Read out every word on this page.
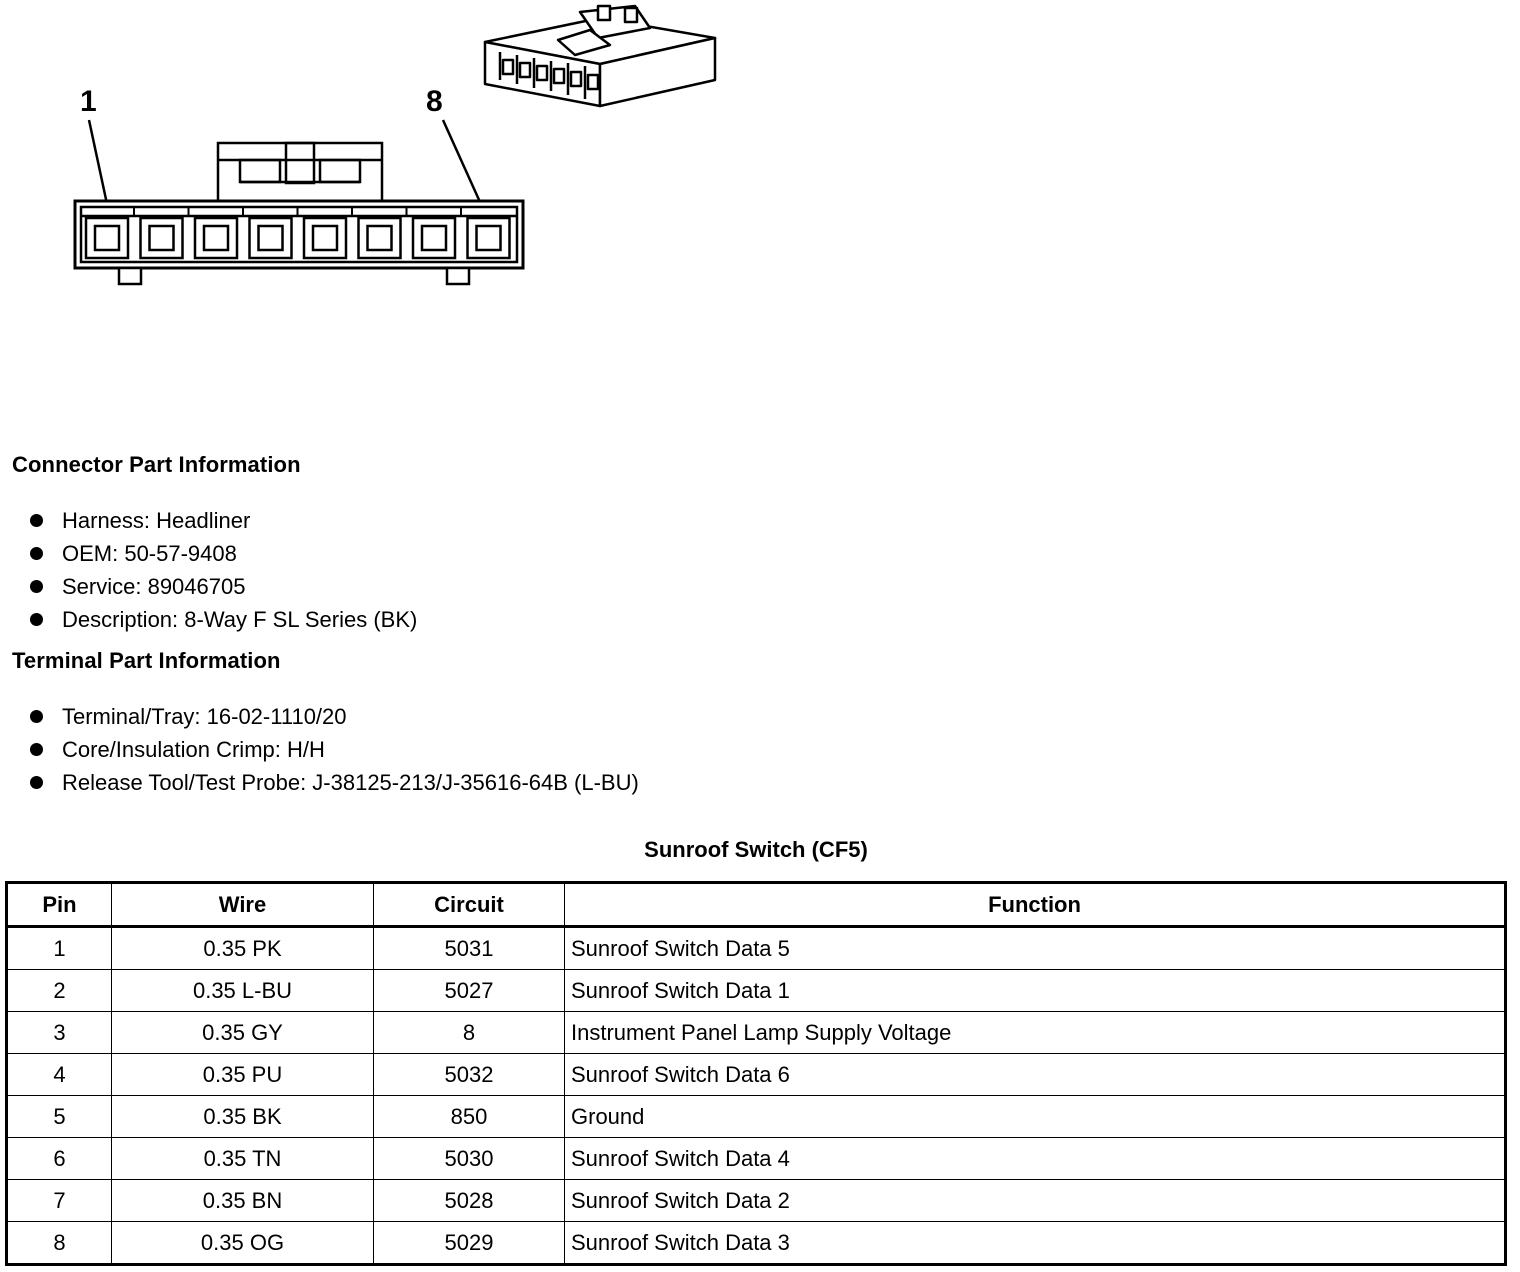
1	8
Connector Part Information
Harness: Headliner
OEM: 50-57-9408
Service: 89046705
Description: 8-Way F SL Series (BK)
Terminal Part Information
Terminal/Tray: 16-02-1110/20
Core/Insulation Crimp: H/H
Release Tool/Test Probe: J-38125-213/J-35616-64B (L-BU)

Sunroof Switch (CF5)

Pin	Wire	Circuit	Function
1	0.35 PK	5031	Sunroof Switch Data 5
2	0.35 L-BU	5027	Sunroof Switch Data 1
3	0.35 GY	8	Instrument Panel Lamp Supply Voltage
4	0.35 PU	5032	Sunroof Switch Data 6
5	0.35 BK	850	Ground
6	0.35 TN	5030	Sunroof Switch Data 4
7	0.35 BN	5028	Sunroof Switch Data 2
8	0.35 OG	5029	Sunroof Switch Data 3
